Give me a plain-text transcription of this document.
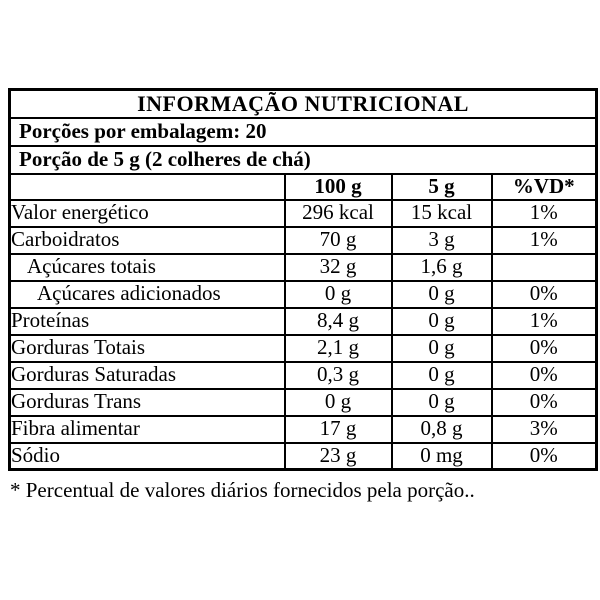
INFORMAÇÃO NUTRICIONAL			
Porções por embalagem: 20			
Porção de 5 g (2 colheres de chá)			
	100 g	5 g	%VD*
Valor energético	296 kcal	15 kcal	1%
Carboidratos	70 g	3 g	1%
Açúcares totais	32 g	1,6 g	
Açúcares adicionados	0 g	0 g	0%
Proteínas	8,4 g	0 g	1%
Gorduras Totais	2,1 g	0 g	0%
Gorduras Saturadas	0,3 g	0 g	0%
Gorduras Trans	0 g	0 g	0%
Fibra alimentar	17 g	0,8 g	3%
Sódio	23 g	0 mg	0%
* Percentual de valores diários fornecidos pela porção..
